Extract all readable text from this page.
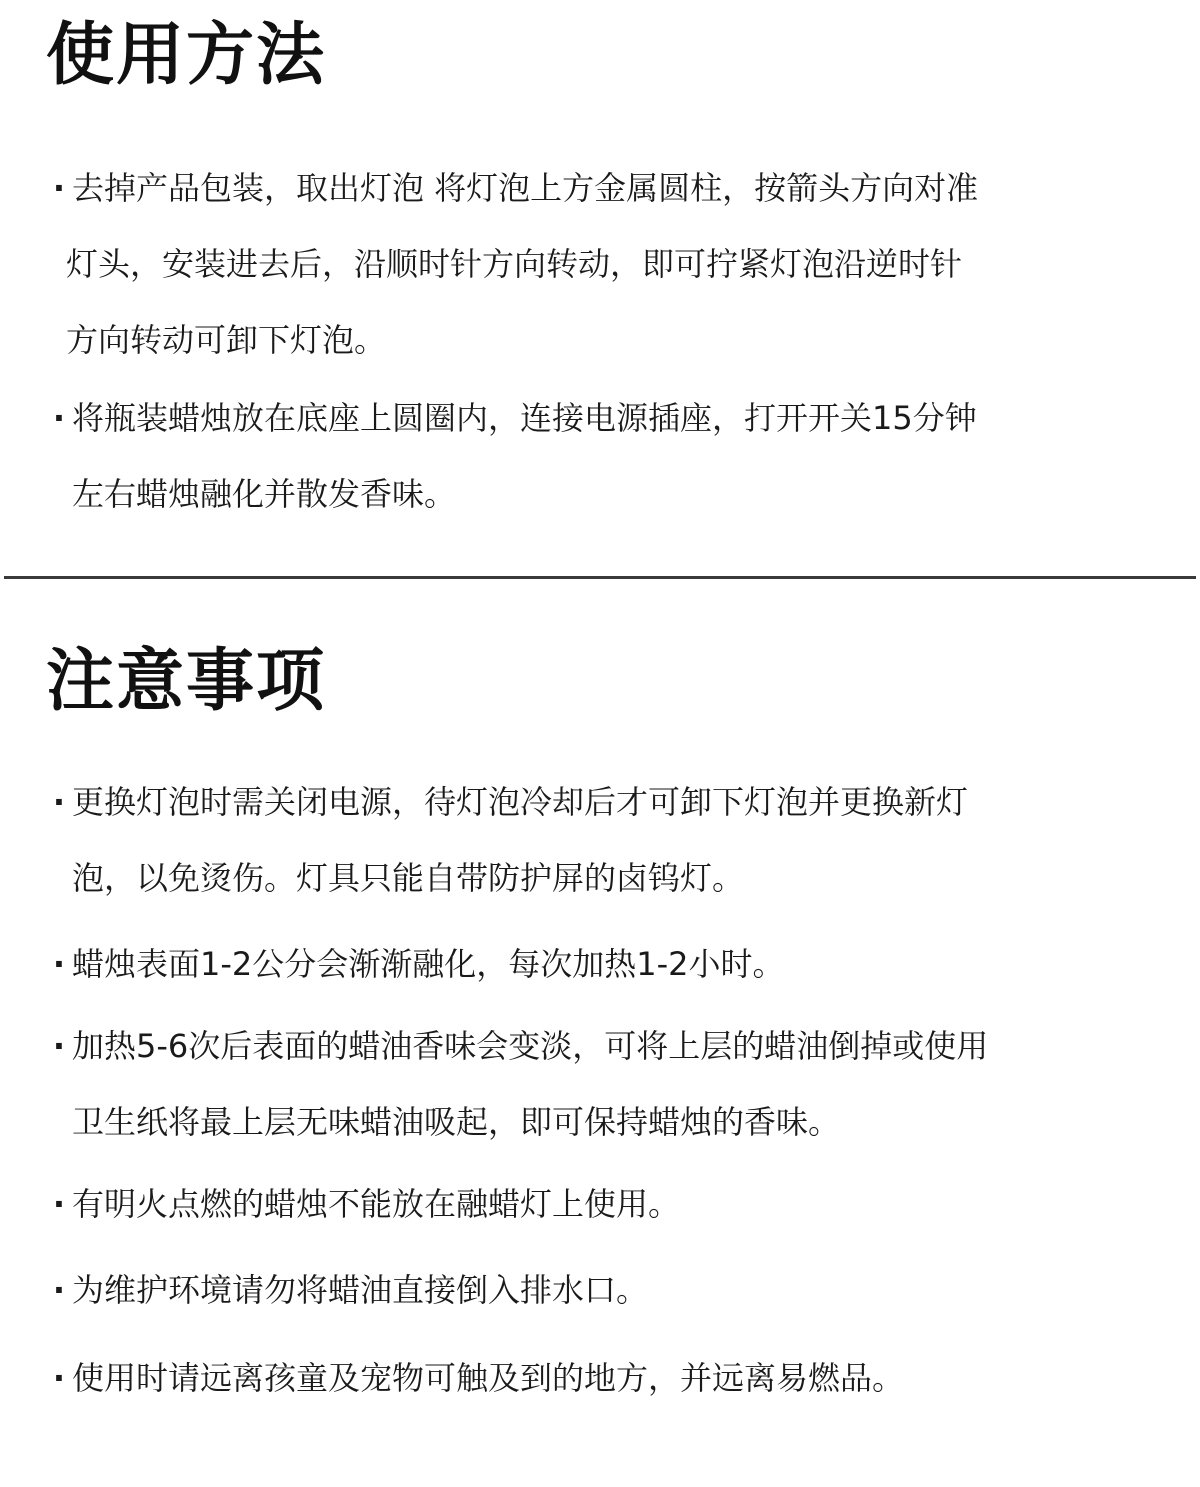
使用方法
· 去掉产品包装，取出灯泡 将灯泡上方金属圆柱，按箭头方向对准
灯头，安装进去后，沿顺时针方向转动，即可拧紧灯泡沿逆时针
方向转动可卸下灯泡。
· 将瓶装蜡烛放在底座上圆圈内，连接电源插座，打开开关15分钟
左右蜡烛融化并散发香味。
注意事项
· 更换灯泡时需关闭电源，待灯泡冷却后才可卸下灯泡并更换新灯
泡，以免烫伤。灯具只能自带防护屏的卤钨灯。
· 蜡烛表面1-2公分会渐渐融化，每次加热1-2小时。
· 加热5-6次后表面的蜡油香味会变淡，可将上层的蜡油倒掉或使用
卫生纸将最上层无味蜡油吸起，即可保持蜡烛的香味。
· 有明火点燃的蜡烛不能放在融蜡灯上使用。
· 为维护环境请勿将蜡油直接倒入排水口。
· 使用时请远离孩童及宠物可触及到的地方，并远离易燃品。
